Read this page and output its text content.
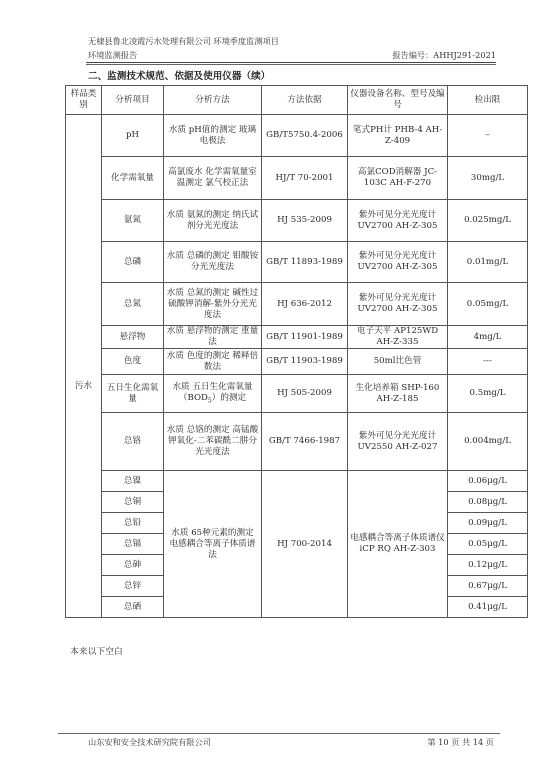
无棣县鲁北凌霞污水处理有限公司 环境季度监测项目
环境监测报告	报告编号：AHHJ291-2021
二、监测技术规范、依据及使用仪器（续）
样品类别	分析项目	分析方法	方法依据	仪器设备名称、型号及编号	检出限
	pH	水质 pH值的测定 玻璃电极法	GB/T5750.4-2006	笔式PH计 PHB-4 AH-Z-409	–
污水	化学需氧量	高氯废水 化学需氧量室温测定 氯气校正法	HJ/T 70-2001	高氯COD消解器 JC-103C AH-F-270	30mg/L
	氨氮	水质 氨氮的测定 纳氏试剂分光光度法	HJ 535-2009	紫外可见分光光度计 UV2700 AH-Z-305	0.025mg/L
	总磷	水质 总磷的测定 钼酸铵分光光度法	GB/T 11893-1989	紫外可见分光光度计 UV2700 AH-Z-305	0.01mg/L
	总氮	水质 总氮的测定 碱性过硫酸钾消解-紫外分光光度法	HJ 636-2012	紫外可见分光光度计 UV2700 AH-Z-305	0.05mg/L
	悬浮物	水质 悬浮物的测定 重量法	GB/T 11901-1989	电子天平 AP125WD AH-Z-335	4mg/L
	色度	水质 色度的测定 稀释倍数法	GB/T 11903-1989	50ml比色管	---
	五日生化需氧量	水质 五日生化需氧量$(BOD_5)$的测定	HJ 505-2009	生化培养箱 SHP-160 AH-Z-185	0.5mg/L
	总铬	水质 总铬的测定 高锰酸钾氧化-二苯碳酰二肼分光光度法	GB/T 7466-1987	紫外可见分光光度计 UV2550 AH-Z-027	0.004mg/L
	总镍	水质 65种元素的测定 电感耦合等离子体质谱法	HJ 700-2014	电感耦合等离子体质谱仪 iCP RQ AH-Z-303	0.06μg/L
	总铜				0.08μg/L
	总铅				0.09μg/L
	总镉				0.05μg/L
	总砷				0.12μg/L
	总锌				0.67μg/L
	总硒				0.41μg/L
本来以下空白
山东安和安全技术研究院有限公司	第 10 页 共 14 页
